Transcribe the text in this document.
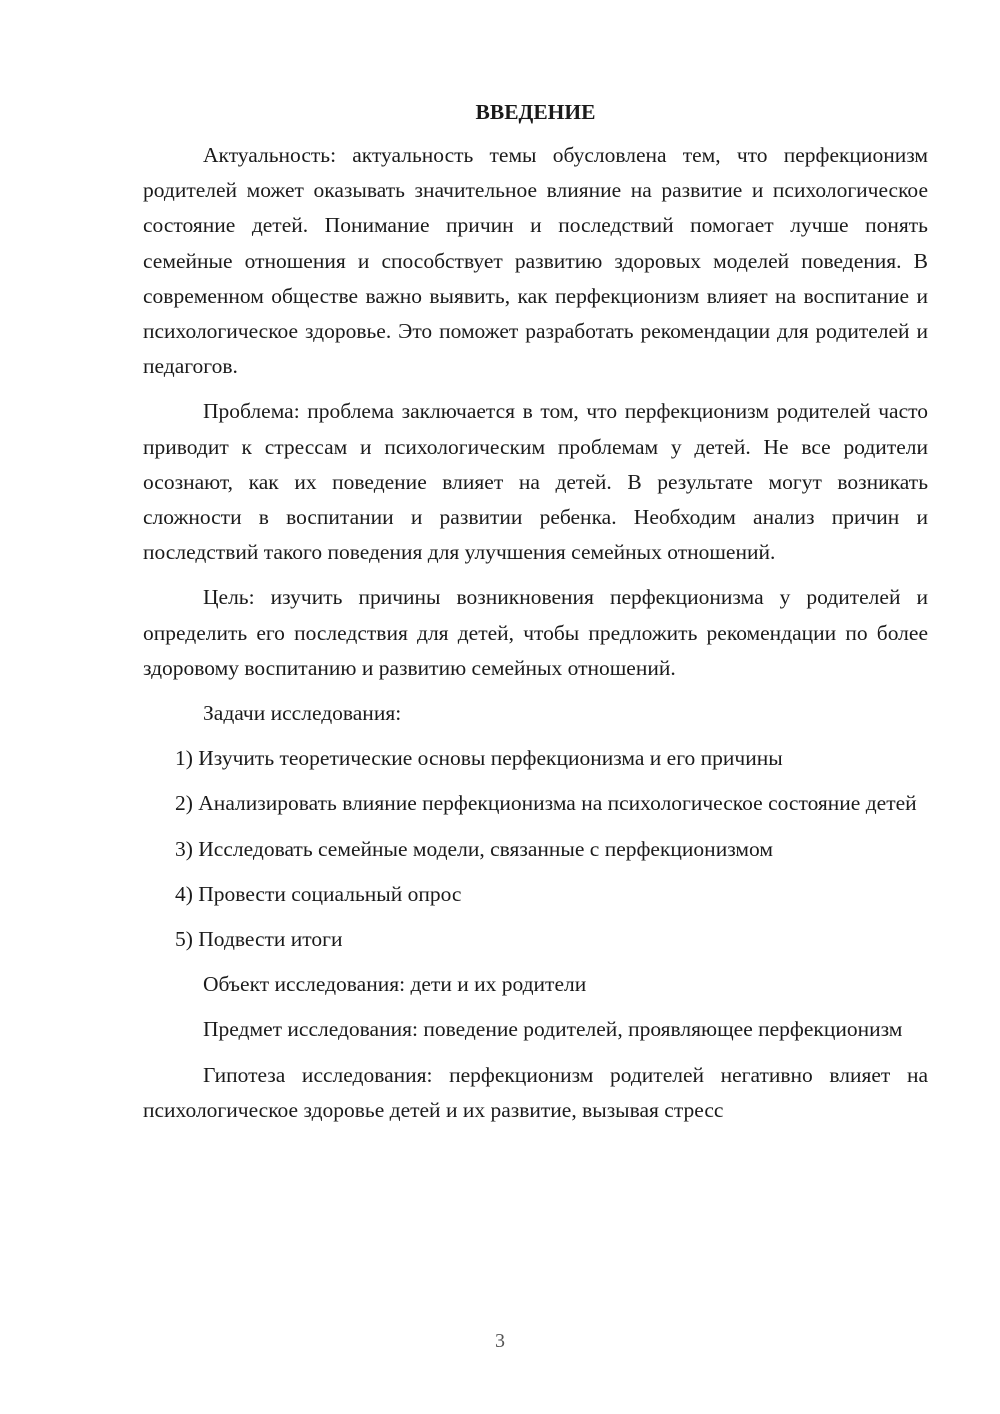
ВВЕДЕНИЕ
Актуальность: актуальность темы обусловлена тем, что перфекционизм родителей может оказывать значительное влияние на развитие и психологическое состояние детей. Понимание причин и последствий помогает лучше понять семейные отношения и способствует развитию здоровых моделей поведения. В современном обществе важно выявить, как перфекционизм влияет на воспитание и психологическое здоровье. Это поможет разработать рекомендации для родителей и педагогов.
Проблема: проблема заключается в том, что перфекционизм родителей часто приводит к стрессам и психологическим проблемам у детей. Не все родители осознают, как их поведение влияет на детей. В результате могут возникать сложности в воспитании и развитии ребенка. Необходим анализ причин и последствий такого поведения для улучшения семейных отношений.
Цель: изучить причины возникновения перфекционизма у родителей и определить его последствия для детей, чтобы предложить рекомендации по более здоровому воспитанию и развитию семейных отношений.
Задачи исследования:
1) Изучить теоретические основы перфекционизма и его причины
2) Анализировать влияние перфекционизма на психологическое состояние детей
3) Исследовать семейные модели, связанные с перфекционизмом
4) Провести социальный опрос
5) Подвести итоги
Объект исследования: дети и их родители
Предмет исследования: поведение родителей, проявляющее перфекционизм
Гипотеза исследования: перфекционизм родителей негативно влияет на психологическое здоровье детей и их развитие, вызывая стресс
3
